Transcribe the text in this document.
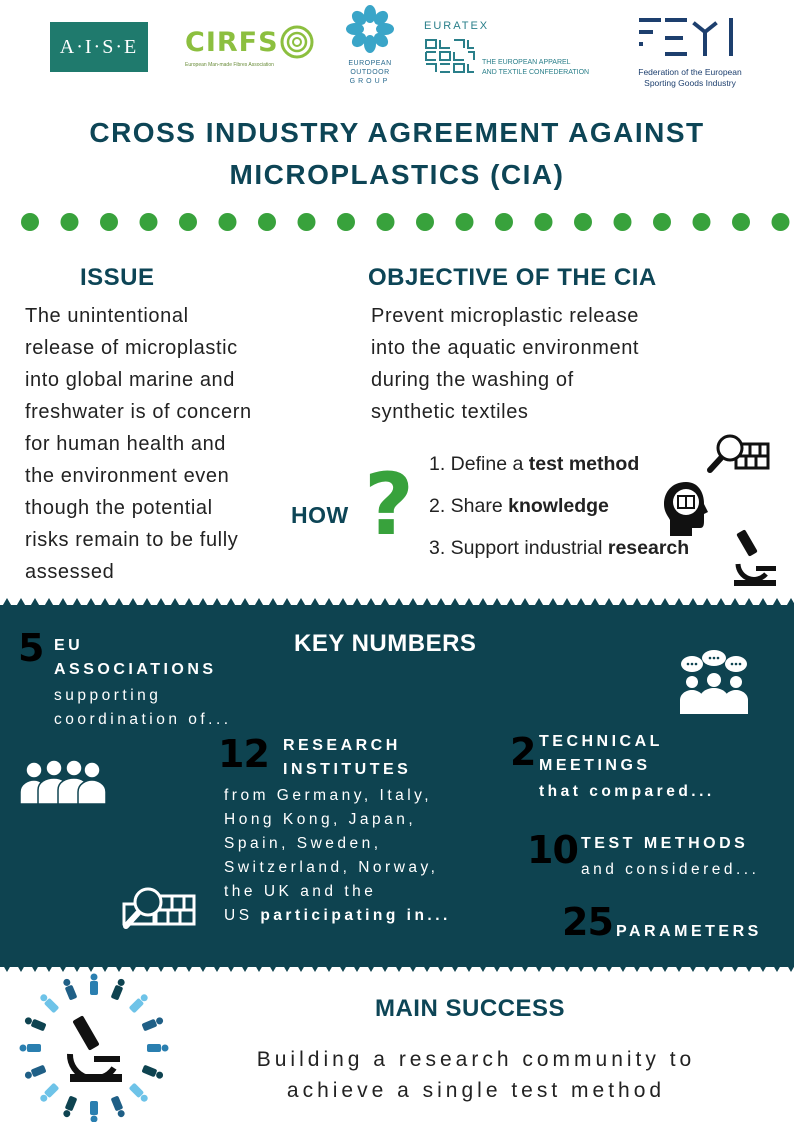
A·I·S·E CIRFS
European Man-made Fibres Association	EUROPEAN
OUTDOOR
GROUP
EURATEX
THE EUROPEAN APPAREL
AND TEXTILE CONFEDERATION	Federation of the European
Sporting Goods Industry
CROSS INDUSTRY AGREEMENT AGAINST
MICROPLASTICS (CIA)
ISSUE	OBJECTIVE OF THE CIA
The unintentional
release of microplastic
into global marine and
freshwater is of concern
for human health and
the environment even
though the potential
risks remain to be fully
assessed
Prevent microplastic release
into the aquatic environment
during the washing of
synthetic textiles
HOW ? 1. Define a test method
2. Share knowledge
3. Support industrial research
KEY NUMBERS
5 EU
ASSOCIATIONS
supporting
coordination of...
12 RESEARCH
INSTITUTES
from Germany, Italy,
Hong Kong, Japan,
Spain, Sweden,
Switzerland, Norway,
the UK and the
US participating in...
2 TECHNICAL
MEETINGS
that compared...
10 TEST METHODS
and considered...
25 PARAMETERS
MAIN SUCCESS
Building a research community to
achieve a single test method
